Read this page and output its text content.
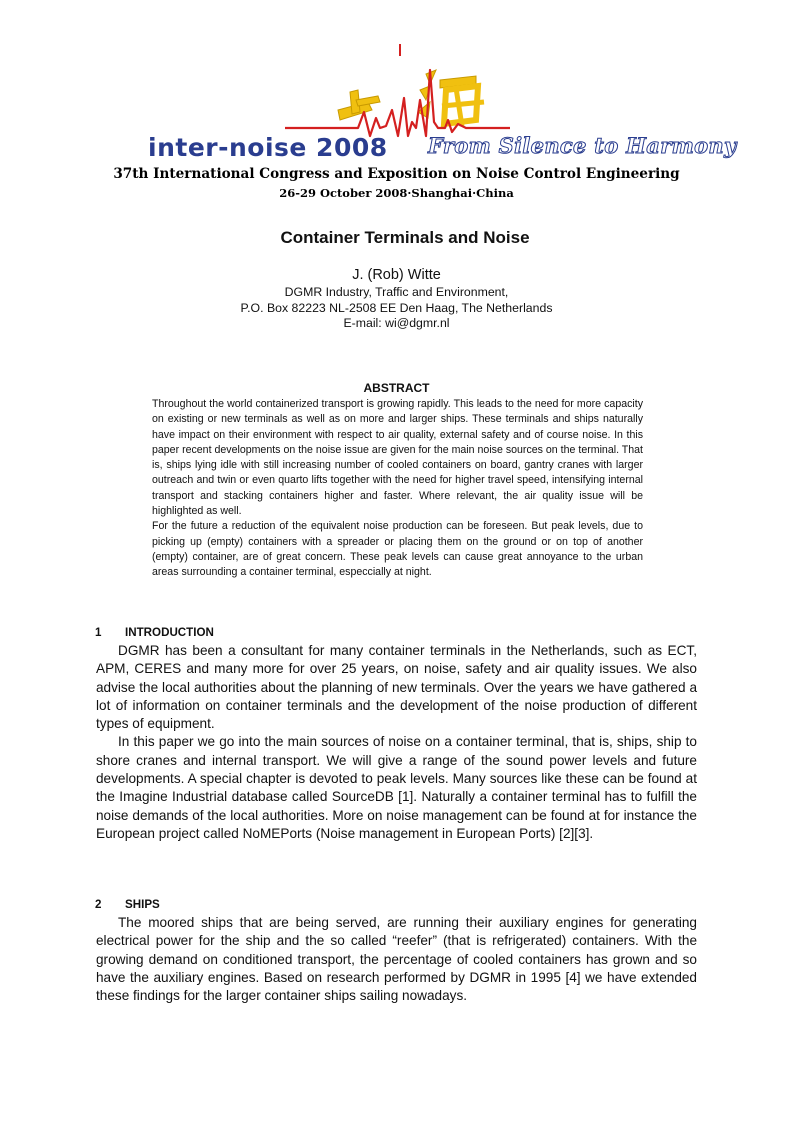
inter-noise 2008 From Silence to Harmony
37th International Congress and Exposition on Noise Control Engineering
26-29 October 2008·Shanghai·China
Container Terminals and Noise
J. (Rob) Witte
DGMR Industry, Traffic and Environment,
P.O. Box 82223 NL-2508 EE Den Haag, The Netherlands
E-mail: wi@dgmr.nl
ABSTRACT

Throughout the world containerized transport is growing rapidly. This leads to the need for more capacity on existing or new terminals as well as on more and larger ships. These terminals and ships naturally have impact on their environment with respect to air quality, external safety and of course noise. In this paper recent developments on the noise issue are given for the main noise sources on the terminal. That is, ships lying idle with still increasing number of cooled containers on board, gantry cranes with larger outreach and twin or even quarto lifts together with the need for higher travel speed, intensifying internal transport and stacking containers higher and faster. Where relevant, the air quality issue will be highlighted as well.

For the future a reduction of the equivalent noise production can be foreseen. But peak levels, due to picking up (empty) containers with a spreader or placing them on the ground or on top of another (empty) container, are of great concern. These peak levels can cause great annoyance to the urban areas surrounding a container terminal, especcially at night.

1 INTRODUCTION

DGMR has been a consultant for many container terminals in the Netherlands, such as ECT, APM, CERES and many more for over 25 years, on noise, safety and air quality issues. We also advise the local authorities about the planning of new terminals. Over the years we have gathered a lot of information on container terminals and the development of the noise production of different types of equipment.

In this paper we go into the main sources of noise on a container terminal, that is, ships, ship to shore cranes and internal transport. We will give a range of the sound power levels and future developments. A special chapter is devoted to peak levels. Many sources like these can be found at the Imagine Industrial database called SourceDB [1]. Naturally a container terminal has to fulfill the noise demands of the local authorities. More on noise management can be found at for instance the European project called NoMEPorts (Noise management in European Ports) [2][3].

2 SHIPS

The moored ships that are being served, are running their auxiliary engines for generating electrical power for the ship and the so called “reefer” (that is refrigerated) containers. With the growing demand on conditioned transport, the percentage of cooled containers has grown and so have the auxiliary engines. Based on research performed by DGMR in 1995 [4] we have extended these findings for the larger container ships sailing nowadays.
